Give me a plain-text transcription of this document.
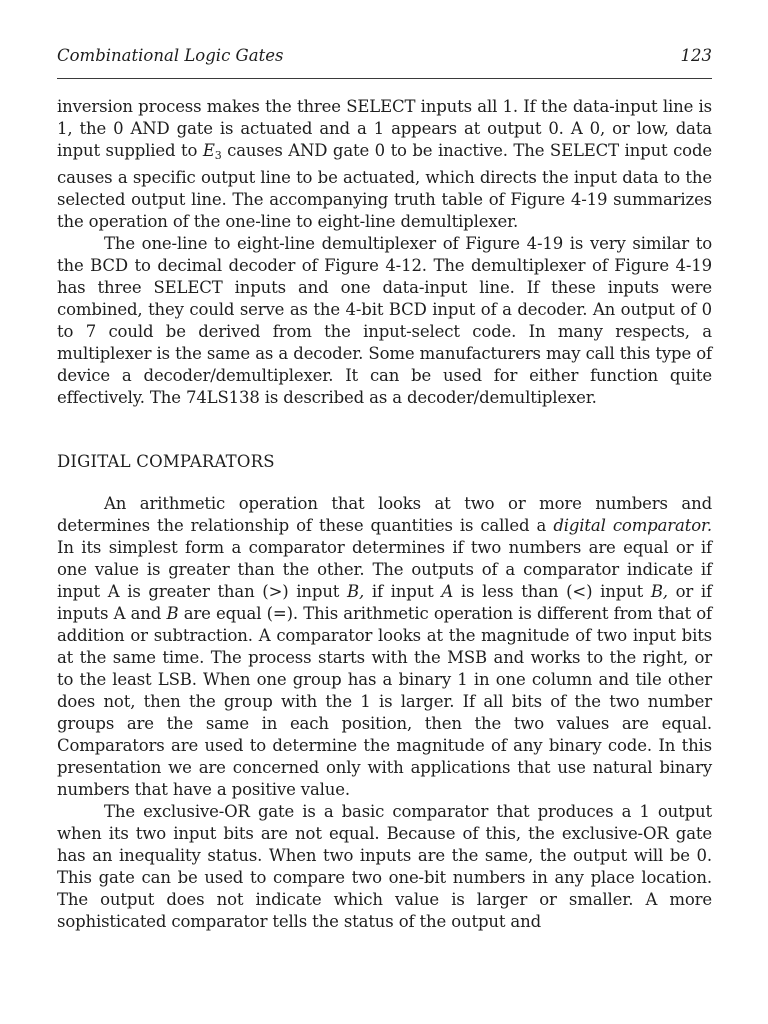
Combinational Logic Gates	123

inversion process makes the three SELECT inputs all 1. If the data-input line is 1, the 0 AND gate is actuated and a 1 appears at output 0. A 0, or low, data input supplied to $E_3$ causes AND gate 0 to be inactive. The SELECT input code causes a specific output line to be actuated, which directs the input data to the selected output line. The accompanying truth table of Figure 4-19 summarizes the operation of the one-line to eight-line demultiplexer.

The one-line to eight-line demultiplexer of Figure 4-19 is very similar to the BCD to decimal decoder of Figure 4-12. The demultiplexer of Figure 4-19 has three SELECT inputs and one data-input line. If these inputs were combined, they could serve as the 4-bit BCD input of a decoder. An output of 0 to 7 could be derived from the input-select code. In many respects, a multiplexer is the same as a decoder. Some manufacturers may call this type of device a decoder/demultiplexer. It can be used for either function quite effectively. The 74LS138 is described as a decoder/demultiplexer.

DIGITAL COMPARATORS

An arithmetic operation that looks at two or more numbers and determines the relationship of these quantities is called a digital comparator. In its simplest form a comparator determines if two numbers are equal or if one value is greater than the other. The outputs of a comparator indicate if input A is greater than (>) input B, if input A is less than (<) input B, or if inputs A and B are equal (=). This arithmetic operation is different from that of addition or subtraction. A comparator looks at the magnitude of two input bits at the same time. The process starts with the MSB and works to the right, or to the least LSB. When one group has a binary 1 in one column and tile other does not, then the group with the 1 is larger. If all bits of the two number groups are the same in each position, then the two values are equal. Comparators are used to determine the magnitude of any binary code. In this presentation we are concerned only with applications that use natural binary numbers that have a positive value.

The exclusive-OR gate is a basic comparator that produces a 1 output when its two input bits are not equal. Because of this, the exclusive-OR gate has an inequality status. When two inputs are the same, the output will be 0. This gate can be used to compare two one-bit numbers in any place location. The output does not indicate which value is larger or smaller. A more sophisticated comparator tells the status of the output and
